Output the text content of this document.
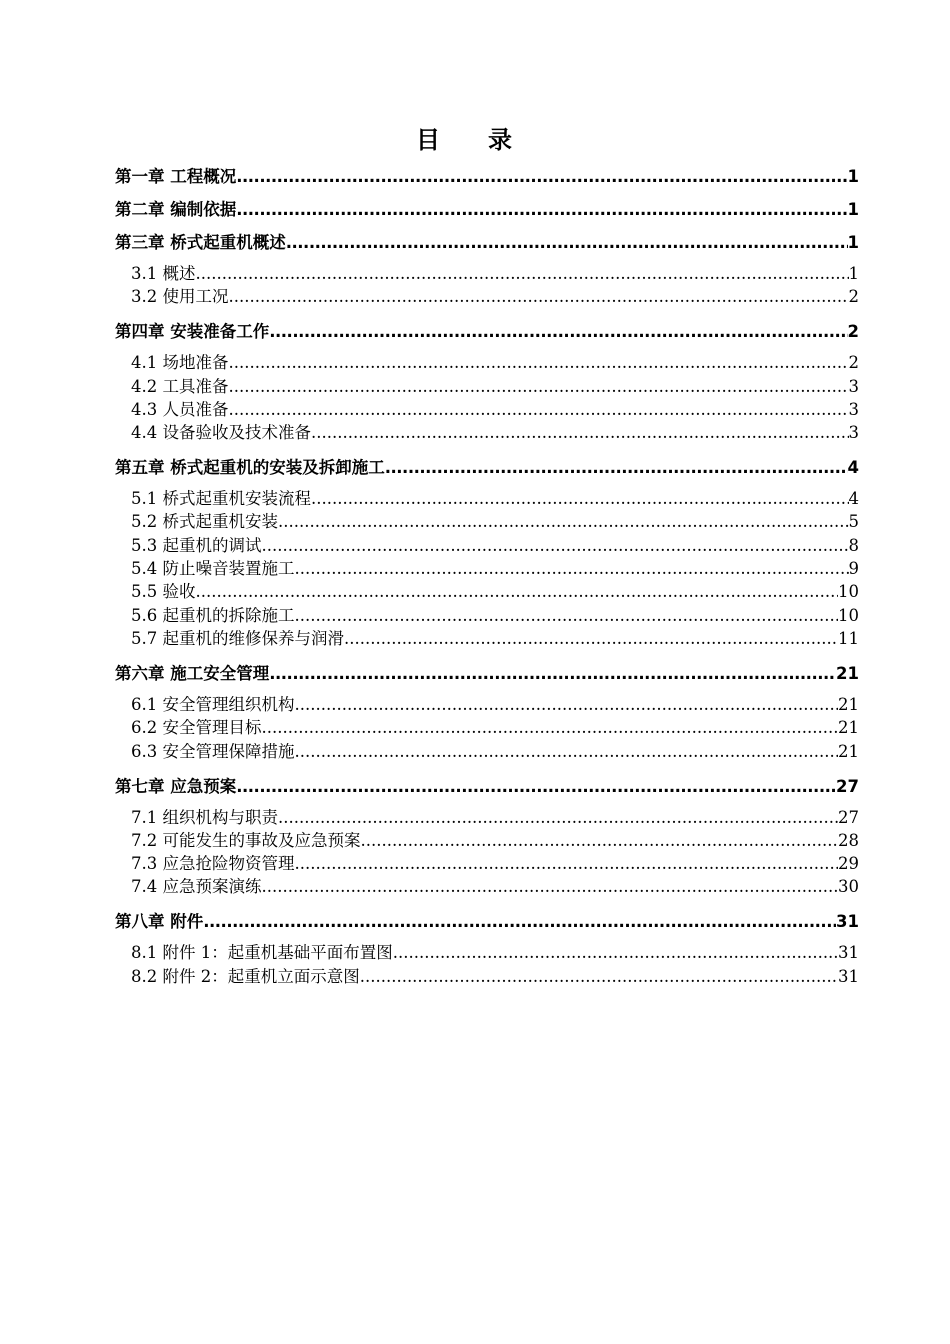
目录
第一章 工程概况 .....	1
第二章 编制依据 .....	1
第三章 桥式起重机概述 .....	1
3.1 概述 .....	1
3.2 使用工况 .....	2
第四章 安装准备工作 .....	2
4.1 场地准备 .....	2
4.2 工具准备 .....	3
4.3 人员准备 .....	3
4.4 设备验收及技术准备 .....	3
第五章 桥式起重机的安装及拆卸施工 .....	4
5.1 桥式起重机安装流程 .....	4
5.2 桥式起重机安装 .....	5
5.3 起重机的调试 .....	8
5.4 防止噪音装置施工 .....	9
5.5 验收 .....	10
5.6 起重机的拆除施工 .....	10
5.7 起重机的维修保养与润滑 .....	11
第六章 施工安全管理 .....	21
6.1 安全管理组织机构 .....	21
6.2 安全管理目标 .....	21
6.3 安全管理保障措施 .....	21
第七章 应急预案 .....	27
7.1 组织机构与职责 .....	27
7.2 可能发生的事故及应急预案 .....	28
7.3 应急抢险物资管理 .....	29
7.4 应急预案演练 .....	30
第八章 附件 .....	31
8.1 附件 1：起重机基础平面布置图 .....	31
8.2 附件 2：起重机立面示意图 .....	31
